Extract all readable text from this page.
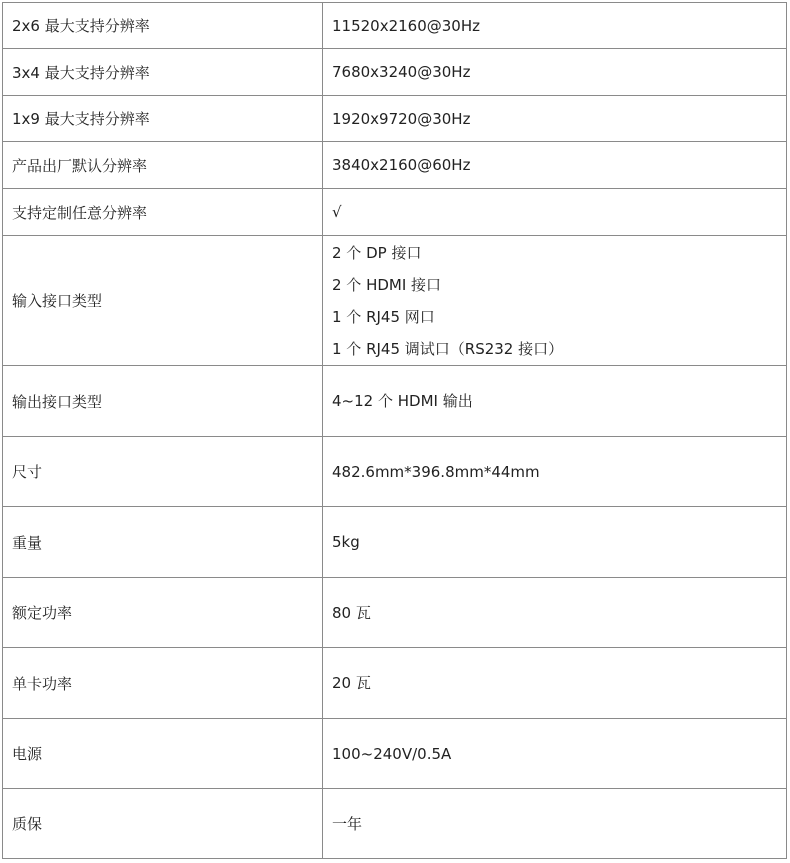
2x6 最大支持分辨率	11520x2160@30Hz

3x4 最大支持分辨率	7680x3240@30Hz

1x9 最大支持分辨率	1920x9720@30Hz

产品出厂默认分辨率	3840x2160@60Hz

支持定制任意分辨率	√

输入接口类型	2 个 DP 接口
2 个 HDMI 接口
1 个 RJ45 网口
1 个 RJ45 调试口（RS232 接口）

输出接口类型	4~12 个 HDMI 输出

尺寸	482.6mm*396.8mm*44mm

重量	5kg

额定功率	80 瓦

单卡功率	20 瓦

电源	100~240V/0.5A

质保	一年
